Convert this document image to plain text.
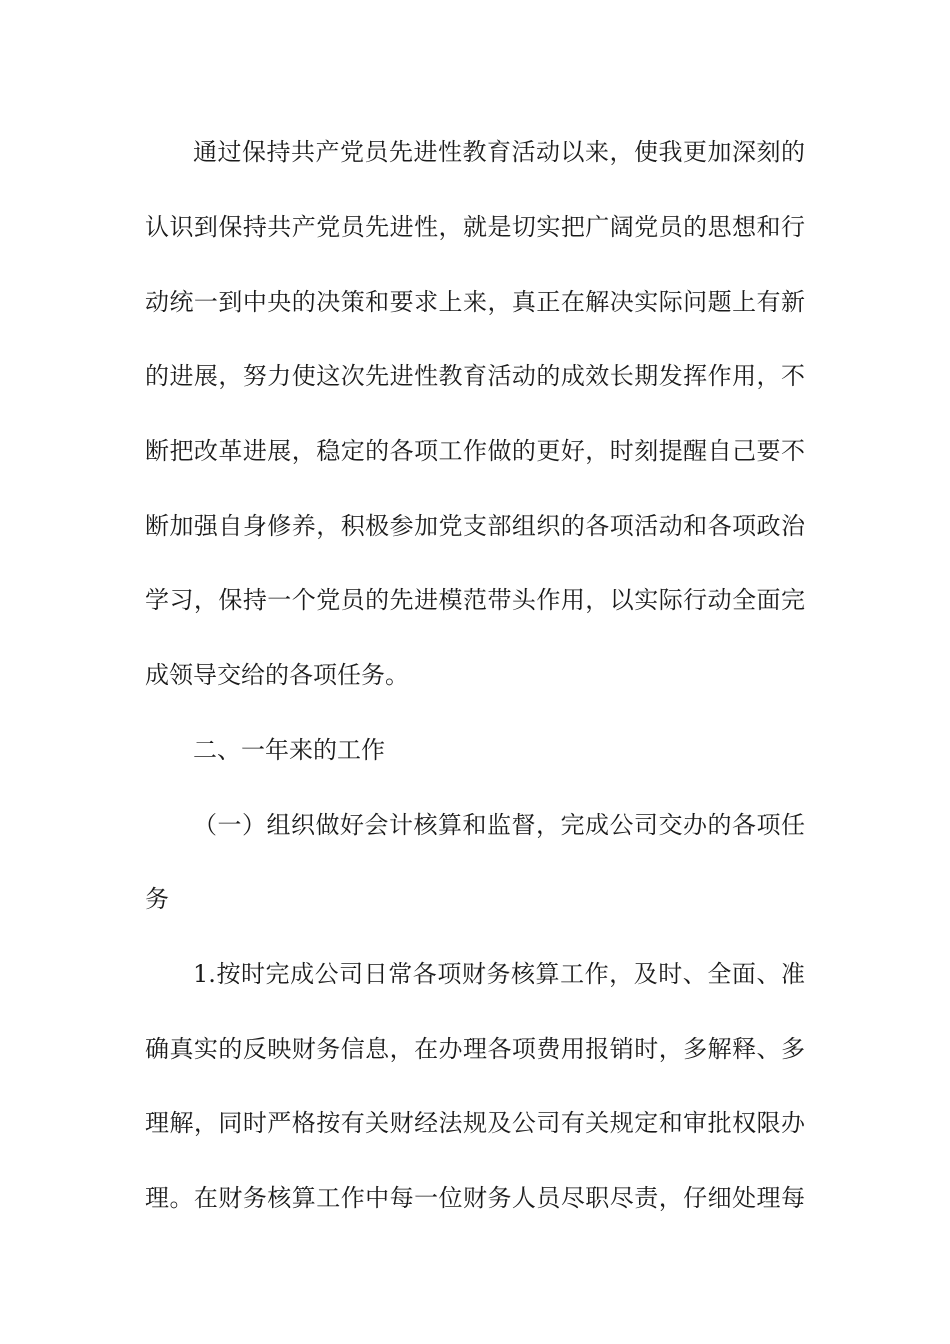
通过保持共产党员先进性教育活动以来，使我更加深刻的
认识到保持共产党员先进性，就是切实把广阔党员的思想和行
动统一到中央的决策和要求上来，真正在解决实际问题上有新
的进展，努力使这次先进性教育活动的成效长期发挥作用，不
断把改革进展，稳定的各项工作做的更好，时刻提醒自己要不
断加强自身修养，积极参加党支部组织的各项活动和各项政治
学习，保持一个党员的先进模范带头作用，以实际行动全面完
成领导交给的各项任务。
二、一年来的工作
（一）组织做好会计核算和监督，完成公司交办的各项任
务
1.按时完成公司日常各项财务核算工作，及时、全面、准
确真实的反映财务信息，在办理各项费用报销时，多解释、多
理解，同时严格按有关财经法规及公司有关规定和审批权限办
理。在财务核算工作中每一位财务人员尽职尽责，仔细处理每
